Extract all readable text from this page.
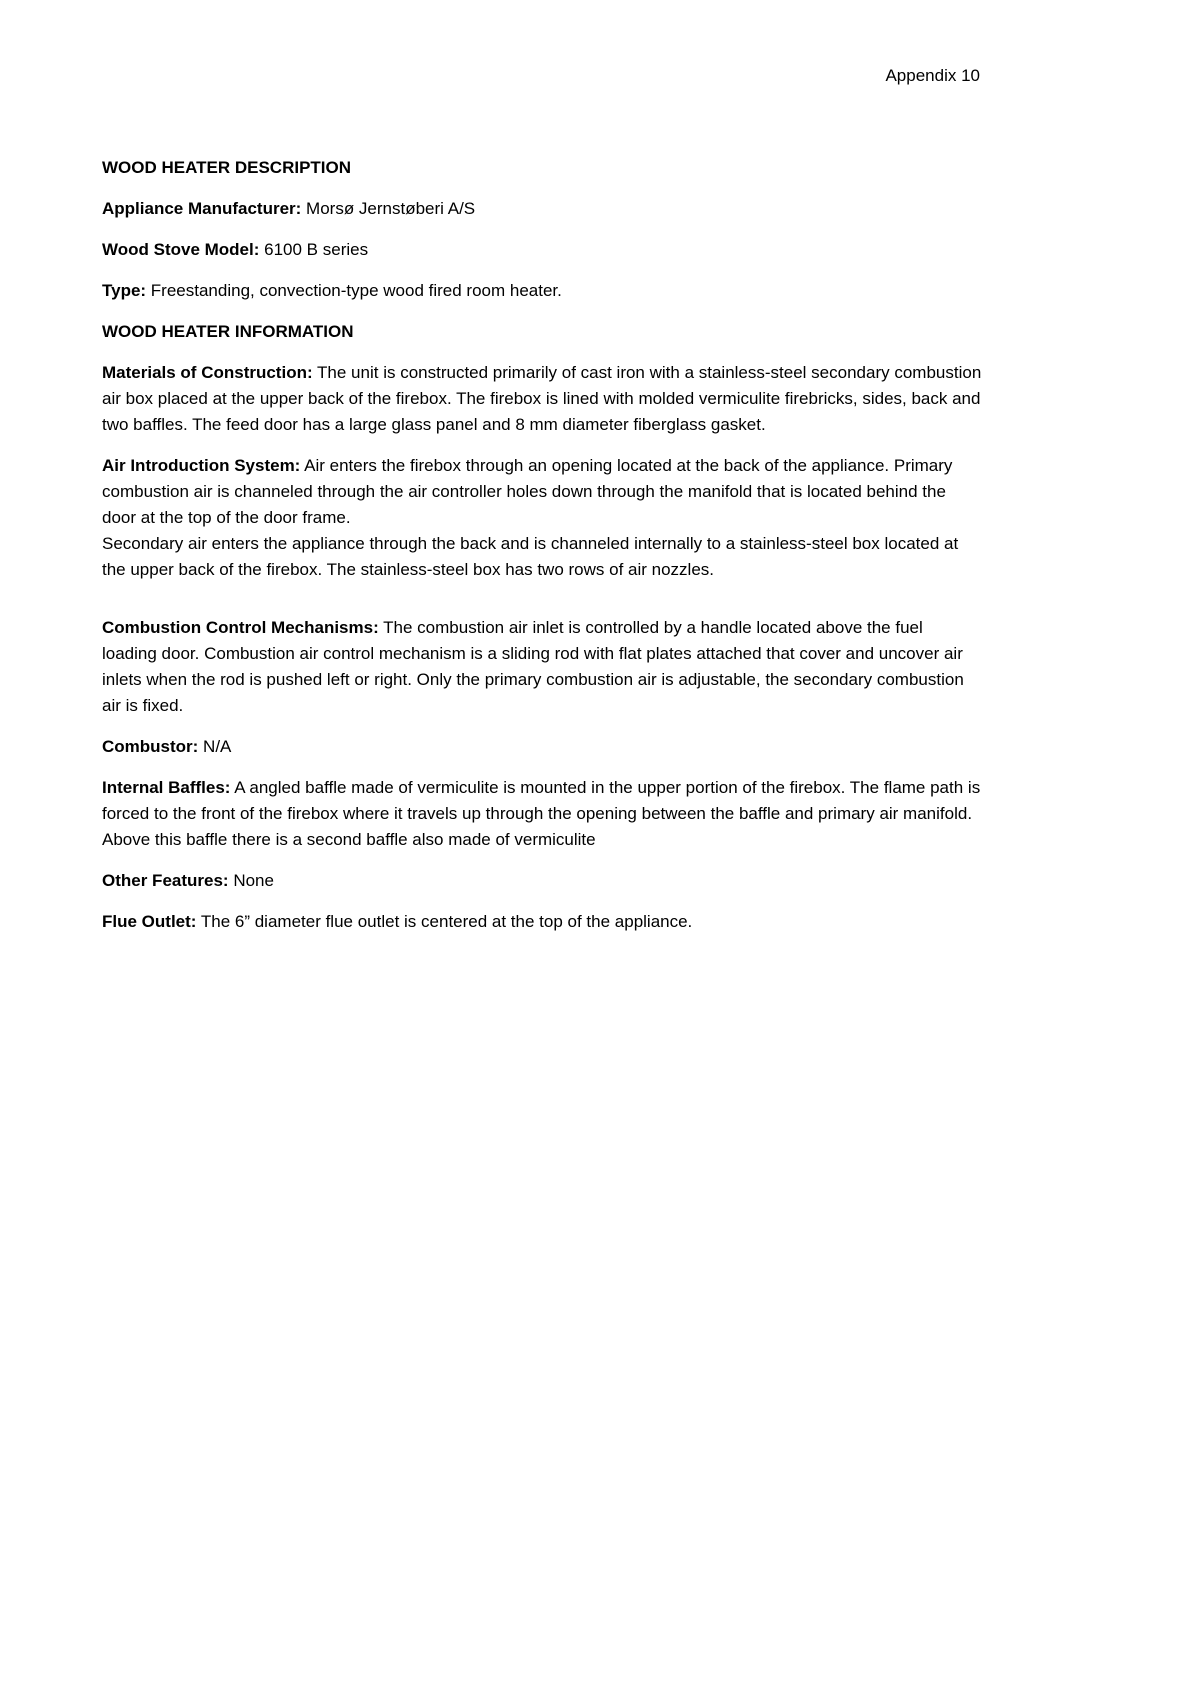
Appendix 10
WOOD HEATER DESCRIPTION
Appliance Manufacturer: Morsø Jernstøberi A/S
Wood Stove Model: 6100 B series
Type: Freestanding, convection-type wood fired room heater.
WOOD HEATER INFORMATION
Materials of Construction: The unit is constructed primarily of cast iron with a stainless-steel secondary combustion air box placed at the upper back of the firebox. The firebox is lined with molded vermiculite firebricks, sides, back and two baffles. The feed door has a large glass panel and 8 mm diameter fiberglass gasket.
Air Introduction System: Air enters the firebox through an opening located at the back of the appliance. Primary combustion air is channeled through the air controller holes down through the manifold that is located behind the door at the top of the door frame.
Secondary air enters the appliance through the back and is channeled internally to a stainless-steel box located at the upper back of the firebox. The stainless-steel box has two rows of air nozzles.
Combustion Control Mechanisms: The combustion air inlet is controlled by a handle located above the fuel loading door. Combustion air control mechanism is a sliding rod with flat plates attached that cover and uncover air inlets when the rod is pushed left or right. Only the primary combustion air is adjustable, the secondary combustion air is fixed.
Combustor: N/A
Internal Baffles: A angled baffle made of vermiculite is mounted in the upper portion of the firebox. The flame path is forced to the front of the firebox where it travels up through the opening between the baffle and primary air manifold. Above this baffle there is a second baffle also made of vermiculite
Other Features: None
Flue Outlet: The 6” diameter flue outlet is centered at the top of the appliance.
